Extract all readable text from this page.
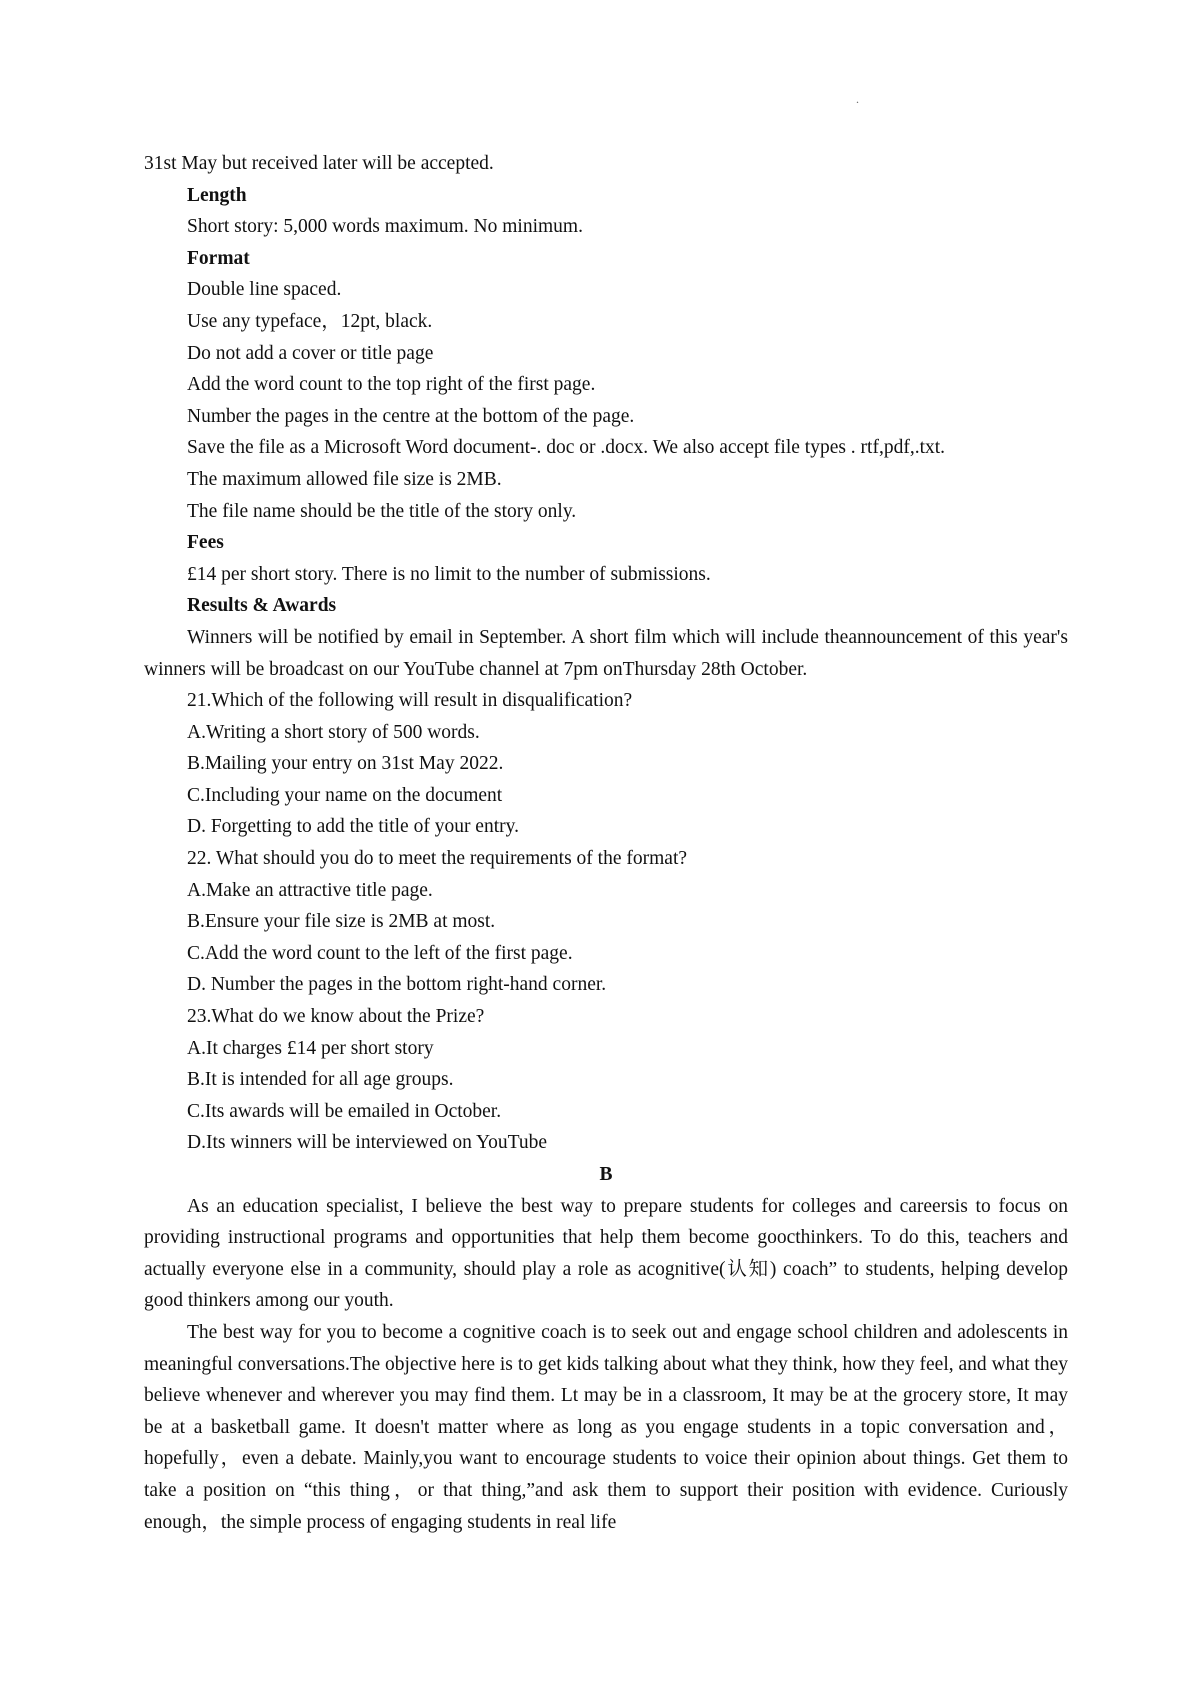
.
31st May but received later will be accepted.
Length
Short story: 5,000 words maximum. No minimum.
Format
Double line spaced.
Use any typeface，12pt, black.
Do not add a cover or title page
Add the word count to the top right of the first page.
Number the pages in the centre at the bottom of the page.
Save the file as a Microsoft Word document-. doc or .docx. We also accept file types . rtf,pdf,.txt.
The maximum allowed file size is 2MB.
The file name should be the title of the story only.
Fees
£14 per short story. There is no limit to the number of submissions.
Results & Awards

Winners will be notified by email in September. A short film which will include theannouncement of this year's winners will be broadcast on our YouTube channel at 7pm onThursday 28th October.

21.Which of the following will result in disqualification?
A.Writing a short story of 500 words.
B.Mailing your entry on 31st May 2022.
C.Including your name on the document
D. Forgetting to add the title of your entry.
22. What should you do to meet the requirements of the format?
A.Make an attractive title page.
B.Ensure your file size is 2MB at most.
C.Add the word count to the left of the first page.
D. Number the pages in the bottom right-hand corner.
23.What do we know about the Prize?
A.It charges £14 per short story
B.It is intended for all age groups.
C.Its awards will be emailed in October.
D.Its winners will be interviewed on YouTube
B

As an education specialist, I believe the best way to prepare students for colleges and careersis to focus on providing instructional programs and opportunities that help them become goocthinkers. To do this, teachers and actually everyone else in a community, should play a role as acognitive(认知) coach” to students, helping develop good thinkers among our youth.

The best way for you to become a cognitive coach is to seek out and engage school children and adolescents in meaningful conversations.The objective here is to get kids talking about what they think, how they feel, and what they believe whenever and wherever you may find them. Lt may be in a classroom, It may be at the grocery store, It may be at a basketball game. It doesn't matter where as long as you engage students in a topic conversation and，hopefully，even a debate. Mainly,you want to encourage students to voice their opinion about things. Get them to take a position on “this thing，or that thing,”and ask them to support their position with evidence. Curiously enough，the simple process of engaging students in real life
